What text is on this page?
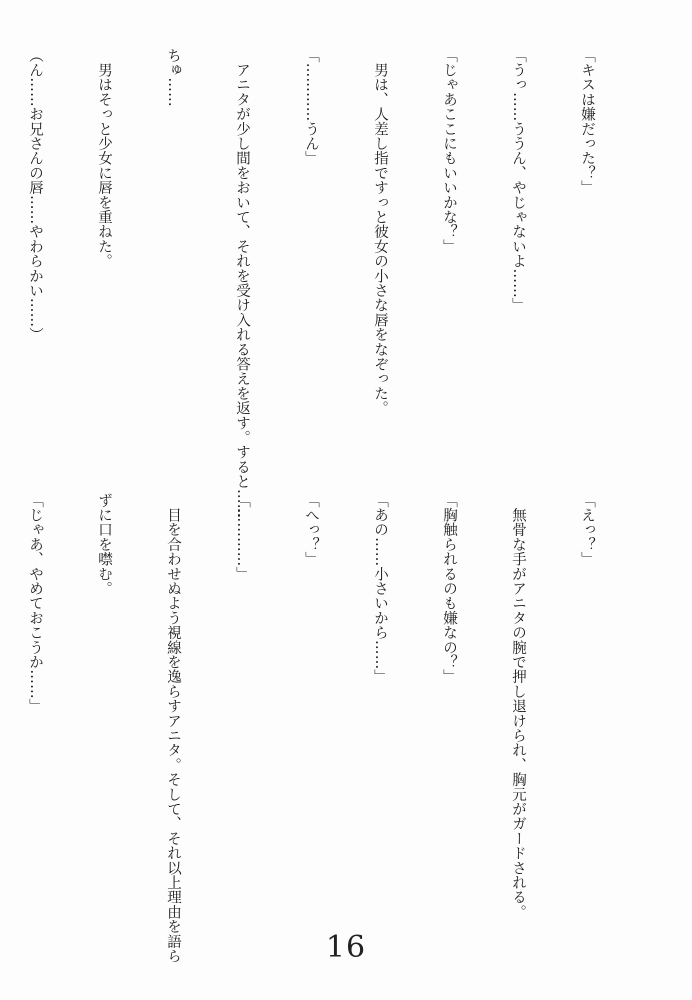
「キスは嫌だった？」

「うっ……ううん、やじゃないよ……」

「じゃあここにもいいかな？」

　男は、人差し指ですっと彼女の小さな唇をなぞった。

「…………うん」

　アニタが少し間をおいて、それを受け入れる答えを返す。すると……

ちゅ……

　男はそっと少女に唇を重ねた。

（ん……お兄さんの唇……やわらかい……）

「えっ？」

　無骨な手がアニタの腕で押し退けられ、胸元がガードされる。

「胸触られるのも嫌なの？」

「あの……小さいから……」

「へっ？」

「…………」

　目を合わせぬよう視線を逸らすアニタ。そして、それ以上理由を語ら

ずに口を噤む。

「じゃあ、やめておこうか……」

16
